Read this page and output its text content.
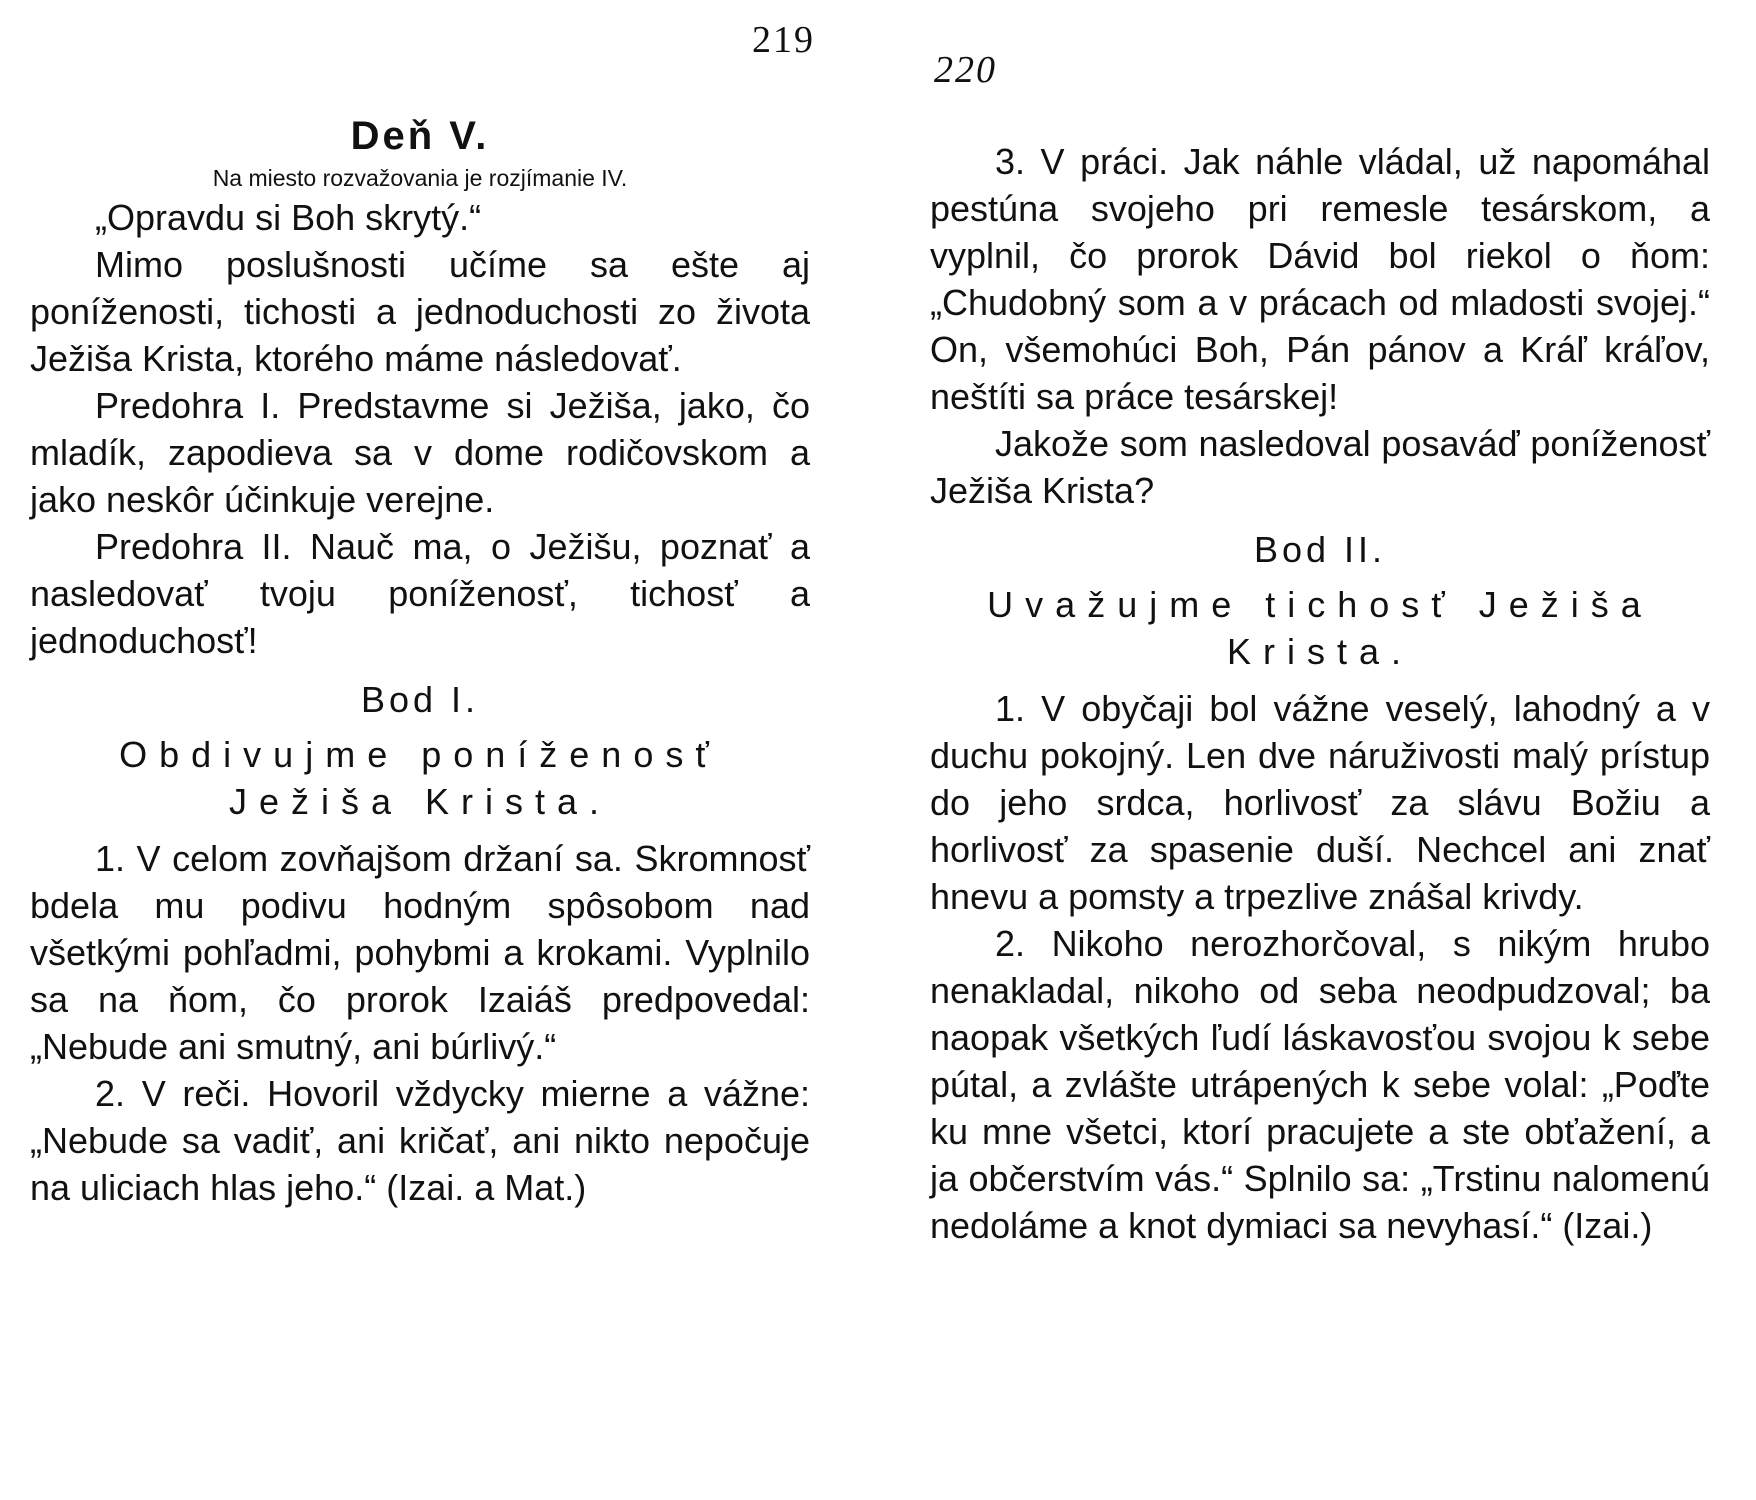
219

Deň V.

Na miesto rozvažovania je rozjímanie IV.

„Opravdu si Boh skrytý.“

Mimo poslušnosti učíme sa ešte aj poníženosti, tichosti a jednoduchosti zo života Ježiša Krista, ktorého máme následovať.

Predohra I. Predstavme si Ježiša, jako, čo mladík, zapodieva sa v dome rodičovskom a jako neskôr účinkuje verejne.

Predohra II. Nauč ma, o Ježišu, poznať a nasledovať tvoju poníženosť, tichosť a jednoduchosť!

Bod I.

Obdivujme poníženosť Ježiša Krista.

1. V celom zovňajšom držaní sa. Skromnosť bdela mu podivu hodným spôsobom nad všetkými pohľadmi, pohybmi a krokami. Vyplnilo sa na ňom, čo prorok Izaiáš predpovedal: „Nebude ani smutný, ani búrlivý.“

2. V reči. Hovoril vždycky mierne a vážne: „Nebude sa vadiť, ani kričať, ani nikto nepočuje na uliciach hlas jeho.“ (Izai. a Mat.)

220

3. V práci. Jak náhle vládal, už napomáhal pestúna svojeho pri remesle tesárskom, a vyplnil, čo prorok Dávid bol riekol o ňom: „Chudobný som a v prácach od mladosti svojej.“ On, všemohúci Boh, Pán pánov a Kráľ kráľov, neštíti sa práce tesárskej!

Jakože som nasledoval posaváď poníženosť Ježiša Krista?

Bod II.

Uvažujme tichosť Ježiša Krista.

1. V obyčaji bol vážne veselý, lahodný a v duchu pokojný. Len dve náruživosti malý prístup do jeho srdca, horlivosť za slávu Božiu a horlivosť za spasenie duší. Nechcel ani znať hnevu a pomsty a trpezlive znášal krivdy.

2. Nikoho nerozhorčoval, s nikým hrubo nenakladal, nikoho od seba neodpudzoval; ba naopak všetkých ľudí láskavosťou svojou k sebe pútal, a zvlášte utrápených k sebe volal: „Poďte ku mne všetci, ktorí pracujete a ste obťažení, a ja občerstvím vás.“ Splnilo sa: „Trstinu nalomenú nedoláme a knot dymiaci sa nevyhasí.“ (Izai.)
